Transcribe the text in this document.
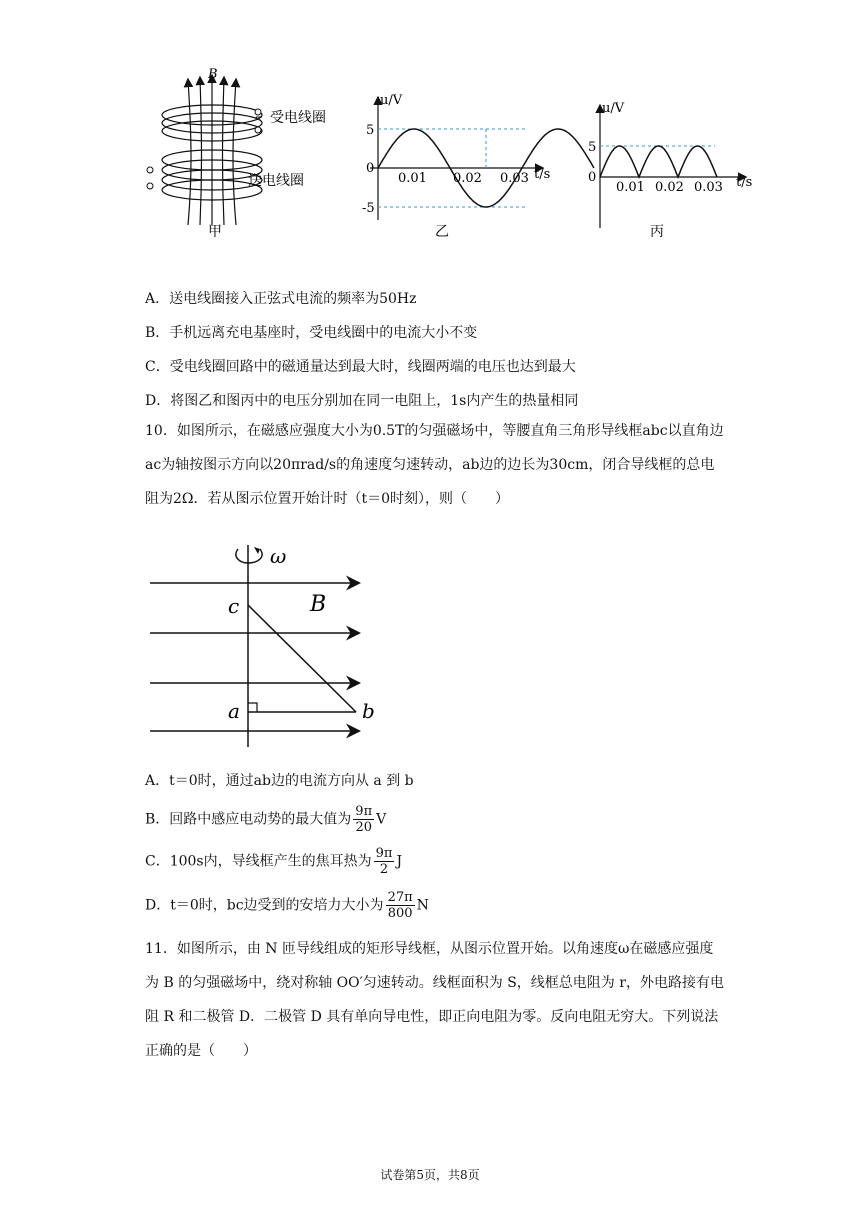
B
受电线圈
送电线圈
甲
u/V
t/s
0
5
-5
0.01 0.02 0.03
乙
u/V
t/s
0
5
0.01 0.02 0.03
丙
A．送电线圈接入正弦式电流的频率为50Hz
B．手机远离充电基座时，受电线圈中的电流大小不变
C．受电线圈回路中的磁通量达到最大时，线圈两端的电压也达到最大
D．将图乙和图丙中的电压分别加在同一电阻上，1s内产生的热量相同
10．如图所示，在磁感应强度大小为0.5T的匀强磁场中，等腰直角三角形导线框abc以直角边ac为轴按图示方向以20πrad/s的角速度匀速转动，ab边的边长为30cm，闭合导线框的总电阻为2Ω．若从图示位置开始计时（t＝0时刻），则（　　）
ω
c	B
a	b
A．t＝0时，通过ab边的电流方向从 a 到 b
B．回路中感应电动势的最大值为 $\frac{9\pi}{20}$ V
C．100s内，导线框产生的焦耳热为 $\frac{9\pi}{2}$ J
D．t＝0时，bc边受到的安培力大小为 $\frac{27\pi}{800}$ N
11．如图所示，由 N 匝导线组成的矩形导线框，从图示位置开始。以角速度ω在磁感应强度为 B 的匀强磁场中，绕对称轴 OO′匀速转动。线框面积为 S，线框总电阻为 r，外电路接有电阻 R 和二极管 D．二极管 D 具有单向导电性，即正向电阻为零。反向电阻无穷大。下列说法正确的是（　　）
试卷第5页，共8页
